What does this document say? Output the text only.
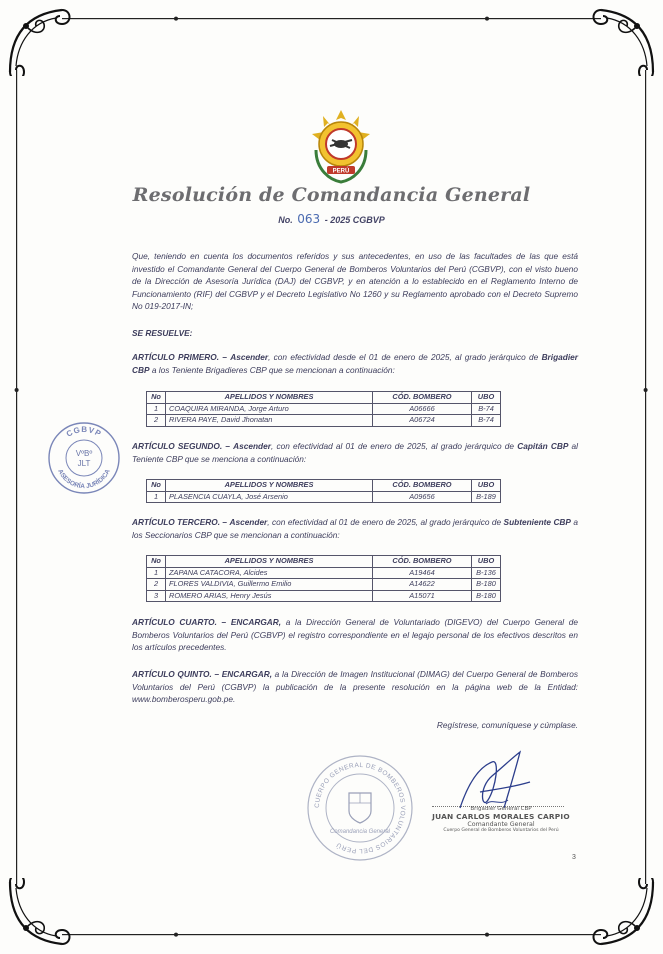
PERÚ
Resolución de Comandancia General
No. 063 - 2025 CGBVP

Que, teniendo en cuenta los documentos referidos y sus antecedentes, en uso de las facultades de las que está investido el Comandante General del Cuerpo General de Bomberos Voluntarios del Perú (CGBVP), con el visto bueno de la Dirección de Asesoría Jurídica (DAJ) del CGBVP, y en atención a lo establecido en el Reglamento Interno de Funcionamiento (RIF) del CGBVP y el Decreto Legislativo No 1260 y su Reglamento aprobado con el Decreto Supremo No 019-2017-IN;

SE RESUELVE:

ARTÍCULO PRIMERO. – Ascender, con efectividad desde el 01 de enero de 2025, al grado jerárquico de Brigadier CBP a los Teniente Brigadieres CBP que se mencionan a continuación:

No	APELLIDOS Y NOMBRES	CÓD. BOMBERO	UBO
1	COAQUIRA MIRANDA, Jorge Arturo	A06666	B-74
2	RIVERA PAYE, David Jhonatan	A06724	B-74

ARTÍCULO SEGUNDO. – Ascender, con efectividad al 01 de enero de 2025, al grado jerárquico de Capitán CBP al Teniente CBP que se menciona a continuación:

No	APELLIDOS Y NOMBRES	CÓD. BOMBERO	UBO
1	PLASENCIA CUAYLA, José Arsenio	A09656	B-189

ARTÍCULO TERCERO. – Ascender, con efectividad al 01 de enero de 2025, al grado jerárquico de Subteniente CBP a los Seccionarios CBP que se mencionan a continuación:

No	APELLIDOS Y NOMBRES	CÓD. BOMBERO	UBO
1	ZAPANA CATACORA, Alcides	A19464	B-136
2	FLORES VALDIVIA, Guillermo Emilio	A14622	B-180
3	ROMERO ARIAS, Henry Jesús	A15071	B-180

ARTÍCULO CUARTO. – ENCARGAR, a la Dirección General de Voluntariado (DIGEVO) del Cuerpo General de Bomberos Voluntarios del Perú (CGBVP) el registro correspondiente en el legajo personal de los efectivos descritos en los artículos precedentes.

ARTÍCULO QUINTO. – ENCARGAR, a la Dirección de Imagen Institucional (DIMAG) del Cuerpo General de Bomberos Voluntarios del Perú (CGBVP) la publicación de la presente resolución en la página web de la Entidad: www.bomberosperu.gob.pe.

Regístrese, comuníquese y cúmplase.
CGBVP
ASESORÍA JURÍDICA
VºBº
JLT
CUERPO GENERAL DE BOMBEROS VOLUNTARIOS DEL PERÚ
Comandancia General
Brigadier General CBP
JUAN CARLOS MORALES CARPIO
Comandante General
Cuerpo General de Bomberos Voluntarios del Perú
3
